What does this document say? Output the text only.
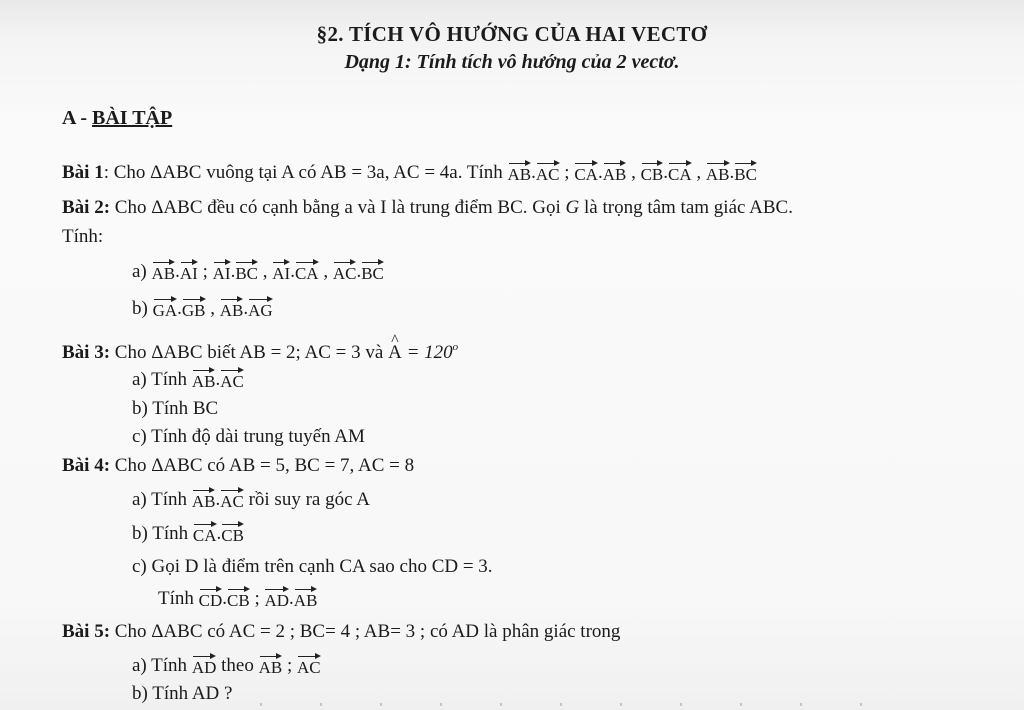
§2. TÍCH VÔ HƯỚNG CỦA HAI VECTƠ
Dạng 1: Tính tích vô hướng của 2 vectơ.
A - BÀI TẬP
Bài 1: Cho ΔABC vuông tại A có AB = 3a, AC = 4a. Tính AB.AC ; CA.AB , CB.CA , AB.BC
Bài 2: Cho ΔABC đều có cạnh bằng a và I là trung điểm BC. Gọi G là trọng tâm tam giác ABC.
Tính:
a) AB.AI ; AI.BC , AI.CA , AC.BC
b) GA.GB , AB.AG
Bài 3: Cho ΔABC biết AB = 2; AC = 3 và ^ $A = 120^o$
a) Tính AB.AC
b) Tính BC
c) Tính độ dài trung tuyến AM
Bài 4: Cho ΔABC có AB = 5, BC = 7, AC = 8
a) Tính AB.AC rồi suy ra góc A
b) Tính CA.CB
c) Gọi D là điểm trên cạnh CA sao cho CD = 3.
Tính CD.CB ; AD.AB
Bài 5: Cho ΔABC có AC = 2 ; BC= 4 ; AB= 3 ; có AD là phân giác trong
a) Tính AD theo AB ; AC
b) Tính AD ?
